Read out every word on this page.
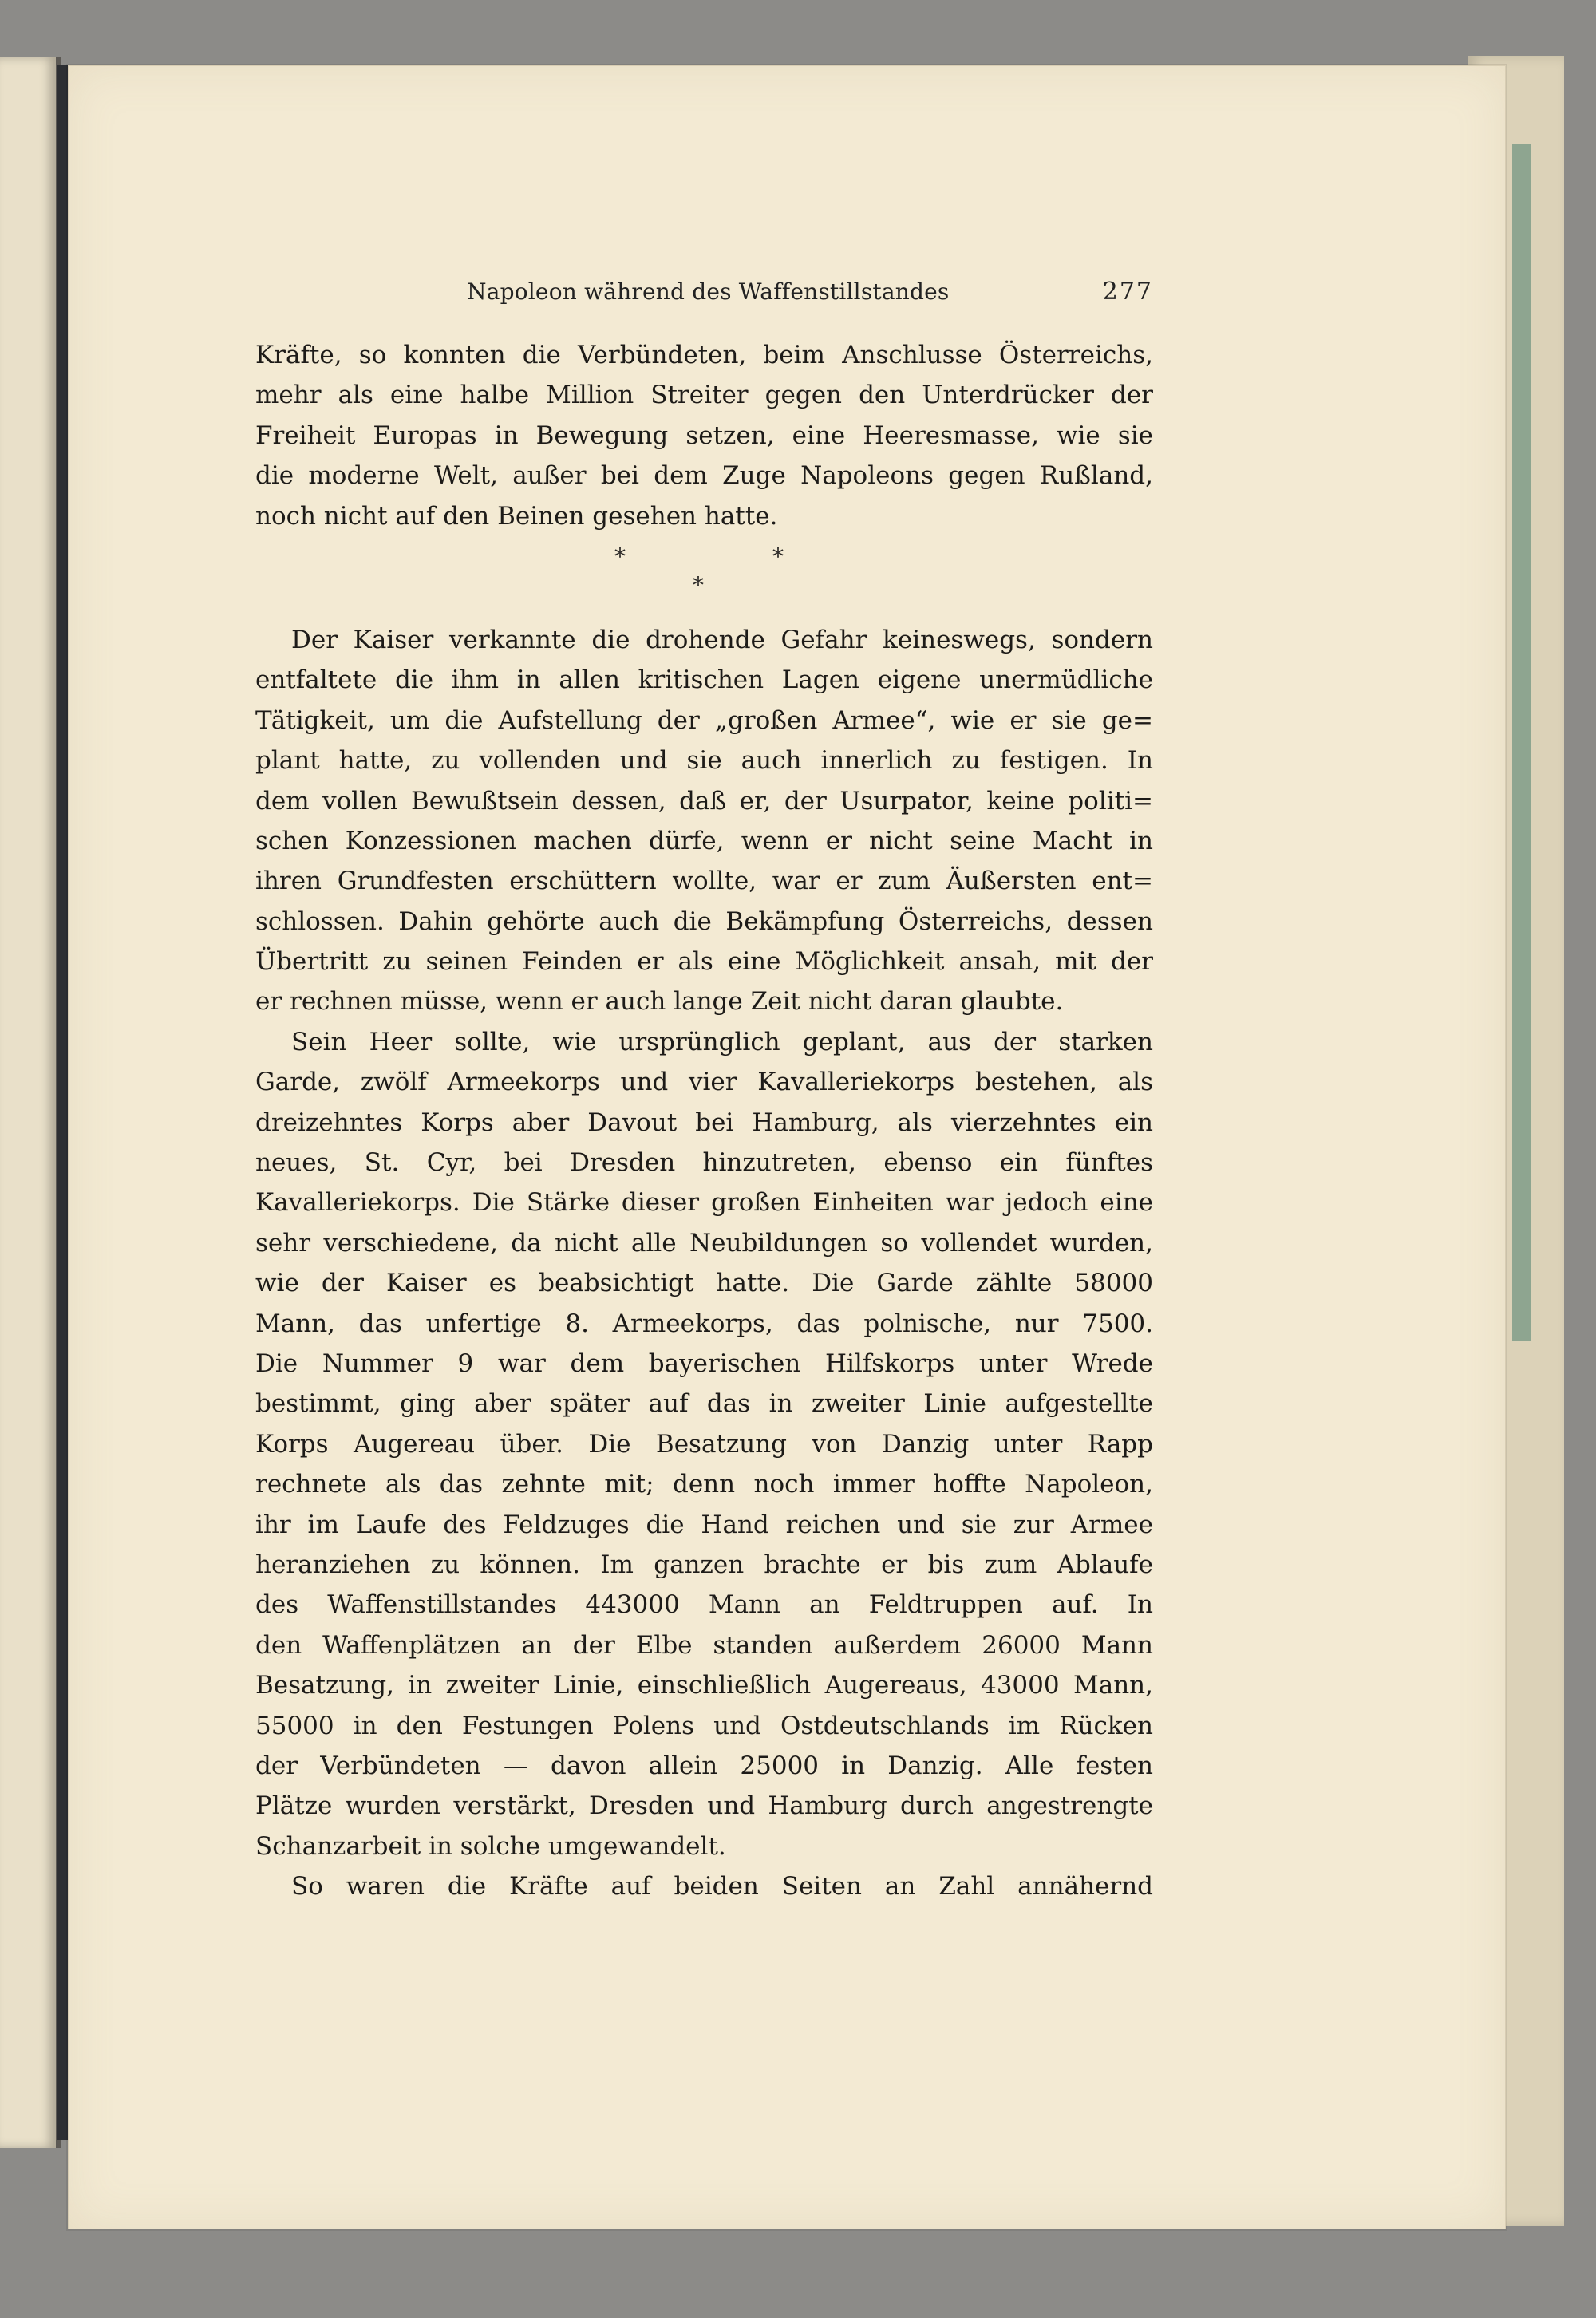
Napoleon während des Waffenstillstandes	277
Kräfte, so konnten die Verbündeten, beim Anschlusse Österreichs,
mehr als eine halbe Million Streiter gegen den Unterdrücker der
Freiheit Europas in Bewegung setzen, eine Heeresmasse, wie sie
die moderne Welt, außer bei dem Zuge Napoleons gegen Rußland,
noch nicht auf den Beinen gesehen hatte.
*
*
*
Der Kaiser verkannte die drohende Gefahr keineswegs, sondern
entfaltete die ihm in allen kritischen Lagen eigene unermüdliche
Tätigkeit, um die Aufstellung der „großen Armee“, wie er sie ge=
plant hatte, zu vollenden und sie auch innerlich zu festigen. In
dem vollen Bewußtsein dessen, daß er, der Usurpator, keine politi=
schen Konzessionen machen dürfe, wenn er nicht seine Macht in
ihren Grundfesten erschüttern wollte, war er zum Äußersten ent=
schlossen. Dahin gehörte auch die Bekämpfung Österreichs, dessen
Übertritt zu seinen Feinden er als eine Möglichkeit ansah, mit der
er rechnen müsse, wenn er auch lange Zeit nicht daran glaubte.
Sein Heer sollte, wie ursprünglich geplant, aus der starken
Garde, zwölf Armeekorps und vier Kavalleriekorps bestehen, als
dreizehntes Korps aber Davout bei Hamburg, als vierzehntes ein
neues, St. Cyr, bei Dresden hinzutreten, ebenso ein fünftes
Kavalleriekorps. Die Stärke dieser großen Einheiten war jedoch eine
sehr verschiedene, da nicht alle Neubildungen so vollendet wurden,
wie der Kaiser es beabsichtigt hatte. Die Garde zählte 58000
Mann, das unfertige 8. Armeekorps, das polnische, nur 7500.
Die Nummer 9 war dem bayerischen Hilfskorps unter Wrede
bestimmt, ging aber später auf das in zweiter Linie aufgestellte
Korps Augereau über. Die Besatzung von Danzig unter Rapp
rechnete als das zehnte mit; denn noch immer hoffte Napoleon,
ihr im Laufe des Feldzuges die Hand reichen und sie zur Armee
heranziehen zu können. Im ganzen brachte er bis zum Ablaufe
des Waffenstillstandes 443000 Mann an Feldtruppen auf. In
den Waffenplätzen an der Elbe standen außerdem 26000 Mann
Besatzung, in zweiter Linie, einschließlich Augereaus, 43000 Mann,
55000 in den Festungen Polens und Ostdeutschlands im Rücken
der Verbündeten — davon allein 25000 in Danzig. Alle festen
Plätze wurden verstärkt, Dresden und Hamburg durch angestrengte
Schanzarbeit in solche umgewandelt.
So waren die Kräfte auf beiden Seiten an Zahl annähernd
